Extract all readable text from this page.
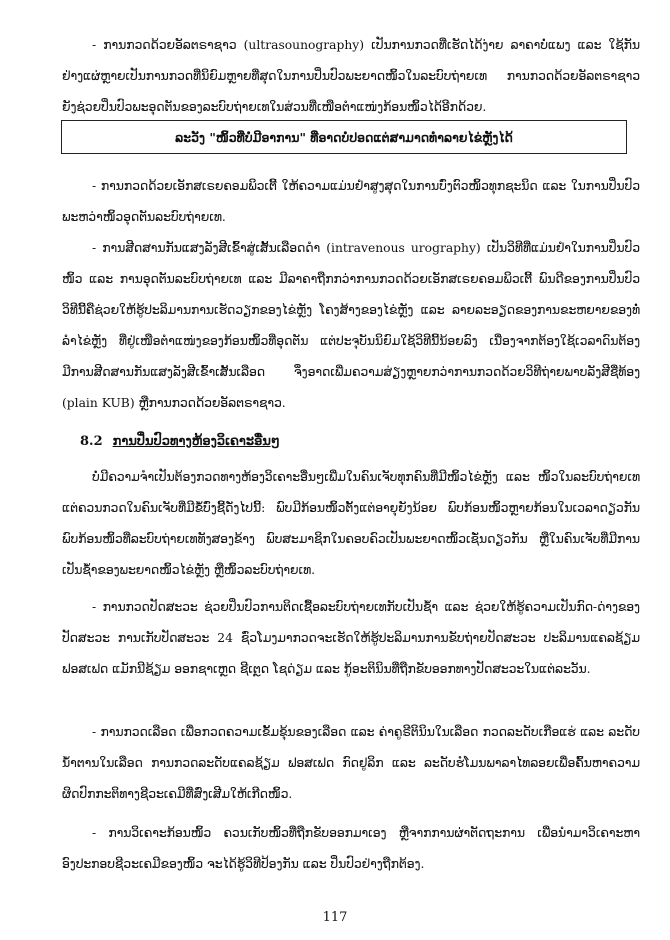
- ການກວດດ້ວຍອັລຕຣາຊາວ (ultrasounography) ເປັນການກວດທີ່ເຮັດໄດ້ງ່າຍ ລາຄາບໍ່ແພງ ແລະ ໃຊ້ກັນຢ່າງແຜ່ຫຼາຍເປັນການກວດທີ່ນິຍົມຫຼາຍທີ່ສຸດໃນການປິ່ນປົວພະຍາດໜິ້ວໃນລະບົບຖ່າຍເທ ການກວດດ້ວຍອັລຕຣາຊາວ ຍັງຊ່ວຍປິ່ນປົວພະອຸດຕັນຂອງລະບົບຖ່າຍເທໃນສ່ວນທີ່ເໜືອຕໍາແໜ່ງກ້ອນໜິ້ວໄດ້ອີກດ້ວຍ.

ລະວັງ "ໜິ້ວທີ່ບໍ່ມີອາການ" ທີ່ອາດບໍ່ປອດແຕ່ສາມາດທໍາລາຍໄຂ່ຫຼັງໄດ້

- ການກວດດ້ວຍເອັກສເຣຍຄອມພິວເຕີ້ ໃຫ້ຄວາມແມ່ນຢໍາສູງສຸດໃນການບົ່ງຕົວໜິ້ວທຸກຊະນິດ ແລະ ໃນການປິ່ນປົວພະຫວ່າໜິ້ວອຸດຕັນລະບົບຖ່າຍເທ.

- ການສີດສານກັນແສງລັງສີເຂົ້າສູ່ເສັ້ນເລືອດດໍາ (intravenous urography) ເປັນວິທີທີ່ແມ່ນຢໍາໃນການປິ່ນປົວໜິ້ວ ແລະ ການອຸດຕັນລະບົບຖ່າຍເທ ແລະ ມີລາຄາຖືກກວ່າການກວດດ້ວຍເອັກສເຣຍຄອມພິວເຕີ້ ພົນດີຂອງການປິ່ນປົວວິທີນີ້ຄືຊ່ວຍໃຫ້ຮູ້ປະລິມານການເຮັດວຽກຂອງໄຂ່ຫຼັງ ໂຄງສ້າງຂອງໄຂ່ຫຼັງ ແລະ ລາຍລະອຽດຂອງການຂະຫຍາຍຂອງທໍ່ລໍາໄຂ່ຫຼັງ ທີ່ຢູ່ເໜືອຕໍາແໜ່ງຂອງກ້ອນໜິ້ວທີ່ອຸດຕັນ ແຕ່ປະຈຸບັນນິຍົມໃຊ້ວິທີນີ້ນ້ອຍລົງ ເນື່ອງຈາກຕ້ອງໃຊ້ເວລາດົນຕ້ອງມີການສີດສານກັນແສງລັງສີເຂົ້າເສັ້ນເລືອດ ຈຶ່ງອາດເພີ່ມຄວາມສ່ຽງຫຼາຍກວ່າການກວດດ້ວຍວິທີຖ່າຍພາບລັງສີຊື່ທ້ອງ (plain KUB) ຫຼືການກວດດ້ວຍອັລຕຣາຊາວ.

8.2 ການປິ່ນປົວທາງຫ້ອງວິເຄາະອື່ນໆ

ບໍ່ມີຄວາມຈໍາເປັນຕ້ອງກວດທາງຫ້ອງວິເຄາະອື່ນໆເພີ່ມໃນຄົນເຈັບທຸກຄົນທີ່ມີໜິ້ວໄຂ່ຫຼັງ ແລະ ໜິ້ວໃນລະບົບຖ່າຍເທ ແຕ່ຄວນກວດໃນຄົນເຈັບທີ່ມີຂໍ້ບົ່ງຊີ້ດັ່ງໄປນີ້: ພົບມີກ້ອນໜິ້ວຕັ້ງແຕ່ອາຍຸຍັງນ້ອຍ ພົບກ້ອນໜິ້ວຫຼາຍກ້ອນໃນເວລາດຽວກັນ ພົບກ້ອນໜິ້ວທີ່ລະບົບຖ່າຍເທທັງສອງຂ້າງ ພົບສະມາຊິກໃນຄອບຄົວເປັນພະຍາດໜິ້ວເຊັ່ນດຽວກັນ ຫຼືໃນຄົນເຈັບທີ່ມີການເປັນຊໍ້າຂອງພະຍາດໜິ້ວໄຂ່ຫຼັງ ຫຼືໜິ້ວລະບົບຖ່າຍເທ.

- ການກວດປັດສະວະ ຊ່ວຍປິ່ນປົວການຕິດເຊື້ອລະບົບຖ່າຍເທກັບເປັນຊໍ້າ ແລະ ຊ່ວຍໃຫ້ຮູ້ຄວາມເປັນກົດ-ດ່າງຂອງປັດສະວະ ການເກັບປັດສະວະ 24 ຊົ່ວໂມງມາກວດຈະເຮັດໃຫ້ຮູ້ປະລິມານການຂັບຖ່າຍປັດສະວະ ປະລິມານແຄລຊ້ຽມ ຟອສເຟດ ແມັກນີຊ້ຽມ ອອກຊາເຫຼດ ຊີເຕຼດ ໂຊດ່ຽມ ແລະ ກູ້ອະຕິນິນທີ່ຖືກຂັບອອກທາງປັດສະວະໃນແຕ່ລະວັນ.

- ການກວດເລືອດ ເພື່ອກວດຄວາມເຂັ້ມຂຸ້ນຂອງເລືອດ ແລະ ຄ່າຄູຣີຕິນິນໃນເລືອດ ກວດລະດັບເກືອແຮ່ ແລະ ລະດັບນໍ້າຕານໃນເລືອດ ການກວດລະດັບແຄລຊ້ຽມ ຟອສເຟດ ກົດຢູລິກ ແລະ ລະດັບຮໍໂມນພາລາໄທລອຍເພື່ອຄົ້ນຫາຄວາມຜິດປົກກະຕິທາງຊີວະເຄມີທີ່ສົ່ງເສີມໃຫ້ເກີດໜິ້ວ.

- ການວິເຄາະກ້ອນໜິ້ວ ຄວນເກັບໜິ້ວທີ່ຖືກຂັບອອກມາເອງ ຫຼືຈາກການຜ່າຕັດຖະການ ເພື່ອນໍາມາວິເຄາະຫາອົງປະກອບຊີວະເຄມີຂອງໜິ້ວ ຈະໄດ້ຮູ້ວິທີປ້ອງກັນ ແລະ ປິ່ນປົວຢ່າງຖືກຕ້ອງ.

117
